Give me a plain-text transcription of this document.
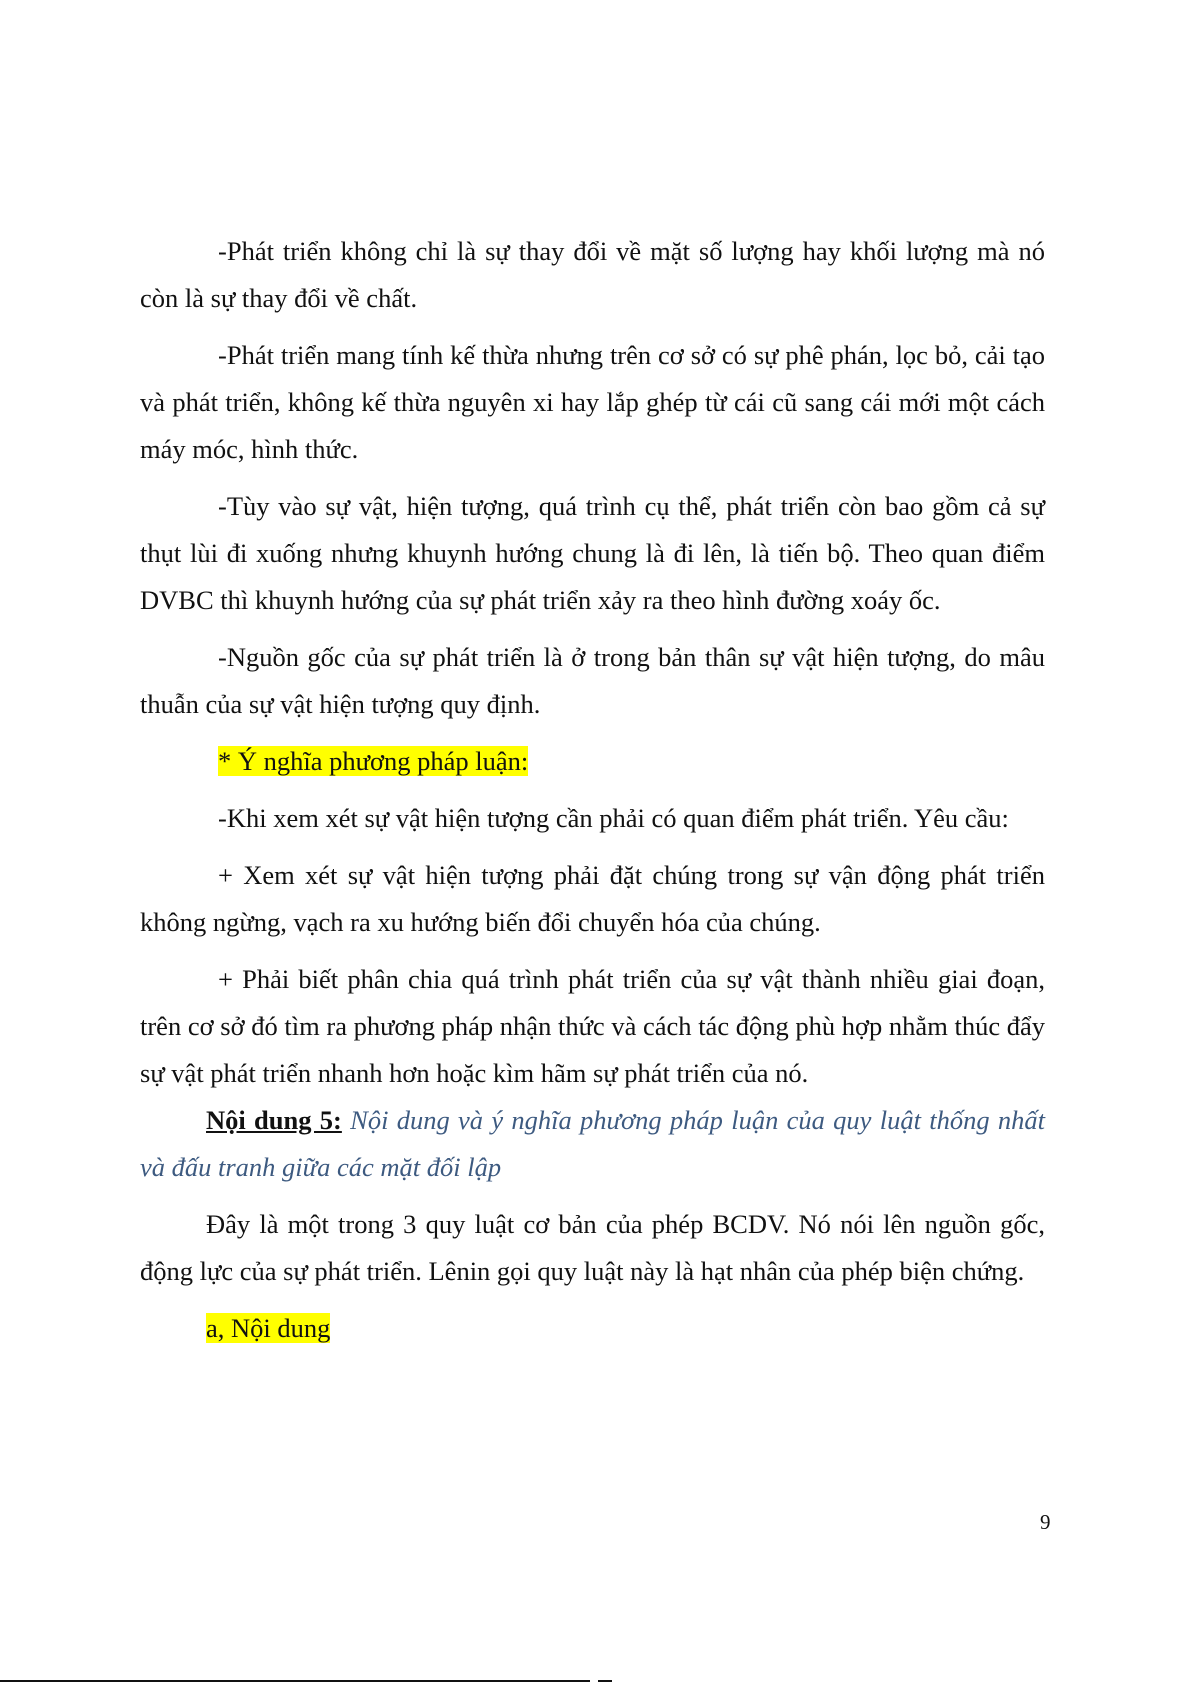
-Phát triển không chỉ là sự thay đổi về mặt số lượng hay khối lượng mà nó còn là sự thay đổi về chất.

-Phát triển mang tính kế thừa nhưng trên cơ sở có sự phê phán, lọc bỏ, cải tạo và phát triển, không kế thừa nguyên xi hay lắp ghép từ cái cũ sang cái mới một cách máy móc, hình thức.

-Tùy vào sự vật, hiện tượng, quá trình cụ thể, phát triển còn bao gồm cả sự thụt lùi đi xuống nhưng khuynh hướng chung là đi lên, là tiến bộ. Theo quan điểm DVBC thì khuynh hướng của sự phát triển xảy ra theo hình đường xoáy ốc.

-Nguồn gốc của sự phát triển là ở trong bản thân sự vật hiện tượng, do mâu thuẫn của sự vật hiện tượng quy định.

* Ý nghĩa phương pháp luận:

-Khi xem xét sự vật hiện tượng cần phải có quan điểm phát triển. Yêu cầu:

+ Xem xét sự vật hiện tượng phải đặt chúng trong sự vận động phát triển không ngừng, vạch ra xu hướng biến đổi chuyển hóa của chúng.

+ Phải biết phân chia quá trình phát triển của sự vật thành nhiều giai đoạn, trên cơ sở đó tìm ra phương pháp nhận thức và cách tác động phù hợp nhằm thúc đẩy sự vật phát triển nhanh hơn hoặc kìm hãm sự phát triển của nó.

Nội dung 5: Nội dung và ý nghĩa phương pháp luận của quy luật thống nhất và đấu tranh giữa các mặt đối lập

Đây là một trong 3 quy luật cơ bản của phép BCDV. Nó nói lên nguồn gốc, động lực của sự phát triển. Lênin gọi quy luật này là hạt nhân của phép biện chứng.

a, Nội dung

9
